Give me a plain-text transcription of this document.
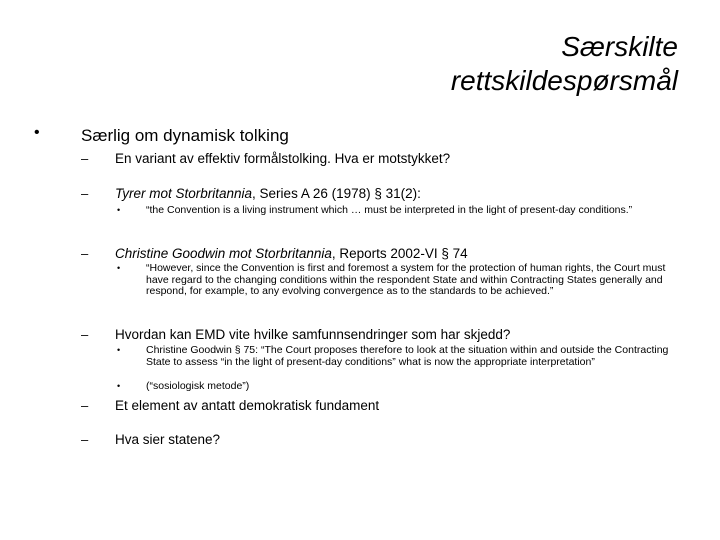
Særskilte
rettskildespørsmål
• Særlig om dynamisk tolking
– En variant av effektiv formålstolking. Hva er motstykket?
– Tyrer mot Storbritannia, Series A 26 (1978) § 31(2):
• “the Convention is a living instrument which … must be interpreted in the light of present-day conditions.”
– Christine Goodwin mot Storbritannia, Reports 2002-VI § 74
• “However, since the Convention is first and foremost a system for the protection of human rights, the Court must have regard to the changing conditions within the respondent State and within Contracting States generally and respond, for example, to any evolving convergence as to the standards to be achieved.”
– Hvordan kan EMD vite hvilke samfunnsendringer som har skjedd?
• Christine Goodwin § 75: “The Court proposes therefore to look at the situation within and outside the Contracting State to assess “in the light of present-day conditions” what is now the appropriate interpretation”
• (“sosiologisk metode”)
– Et element av antatt demokratisk fundament
– Hva sier statene?
